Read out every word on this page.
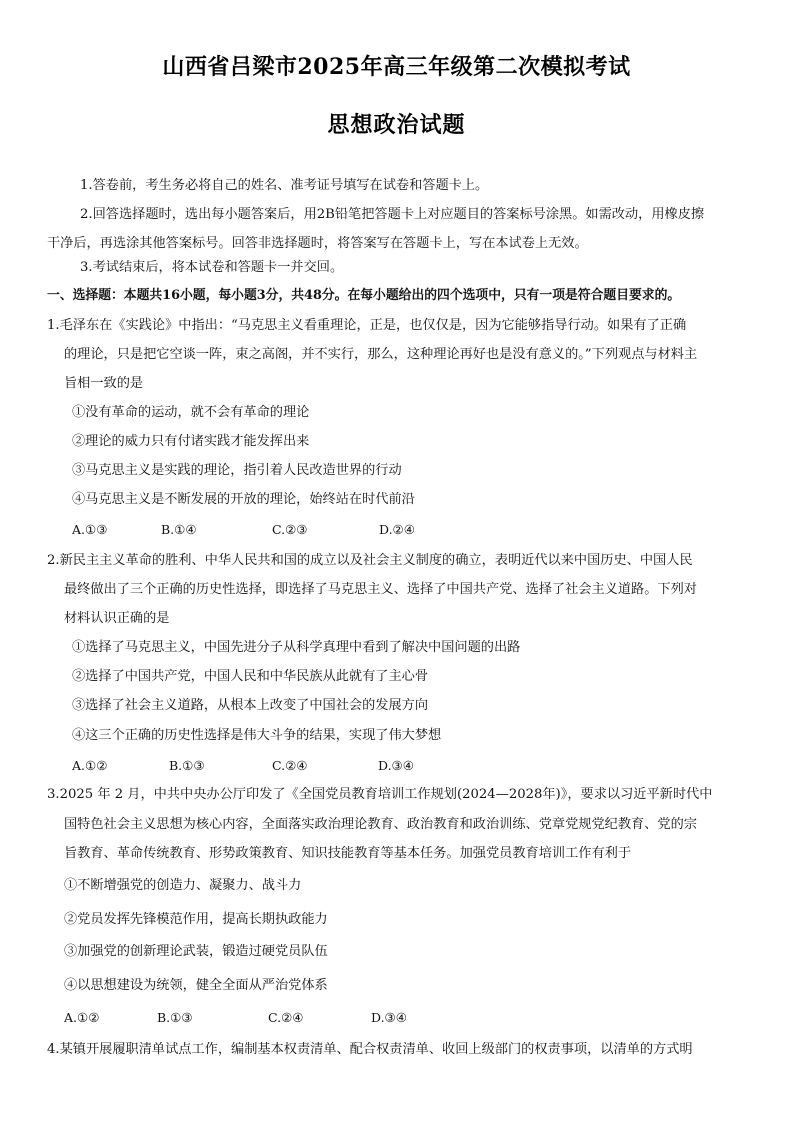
山西省吕梁市2025年高三年级第二次模拟考试
思想政治试题
1.答卷前，考生务必将自己的姓名、准考证号填写在试卷和答题卡上。
2.回答选择题时，选出每小题答案后，用2B铅笔把答题卡上对应题目的答案标号涂黑。如需改动，用橡皮擦
干净后，再选涂其他答案标号。回答非选择题时，将答案写在答题卡上，写在本试卷上无效。
3.考试结束后，将本试卷和答题卡一并交回。
一、选择题：本题共16小题，每小题3分，共48分。在每小题给出的四个选项中，只有一项是符合题目要求的。
1.毛泽东在《实践论》中指出：“马克思主义看重理论，正是，也仅仅是，因为它能够指导行动。如果有了正确
的理论，只是把它空谈一阵，束之高阁，并不实行，那么，这种理论再好也是没有意义的。”下列观点与材料主
旨相一致的是
①没有革命的运动，就不会有革命的理论
②理论的威力只有付诸实践才能发挥出来
③马克思主义是实践的理论，指引着人民改造世界的行动
④马克思主义是不断发展的开放的理论，始终站在时代前沿
A.①③	B.①④	C.②③	D.②④
2.新民主主义革命的胜利、中华人民共和国的成立以及社会主义制度的确立，表明近代以来中国历史、中国人民
最终做出了三个正确的历史性选择，即选择了马克思主义、选择了中国共产党、选择了社会主义道路。下列对
材料认识正确的是
①选择了马克思主义，中国先进分子从科学真理中看到了解决中国问题的出路
②选择了中国共产党，中国人民和中华民族从此就有了主心骨
③选择了社会主义道路，从根本上改变了中国社会的发展方向
④这三个正确的历史性选择是伟大斗争的结果，实现了伟大梦想
A.①②	B.①③	C.②④	D.③④
3.2025 年 2 月，中共中央办公厅印发了《全国党员教育培训工作规划(2024—2028年)》，要求以习近平新时代中
国特色社会主义思想为核心内容，全面落实政治理论教育、政治教育和政治训练、党章党规党纪教育、党的宗
旨教育、革命传统教育、形势政策教育、知识技能教育等基本任务。加强党员教育培训工作有利于
①不断增强党的创造力、凝聚力、战斗力
②党员发挥先锋模范作用，提高长期执政能力
③加强党的创新理论武装，锻造过硬党员队伍
④以思想建设为统领，健全全面从严治党体系
A.①②	B.①③	C.②④	D.③④
4.某镇开展履职清单试点工作，编制基本权责清单、配合权责清单、收回上级部门的权责事项，以清单的方式明
